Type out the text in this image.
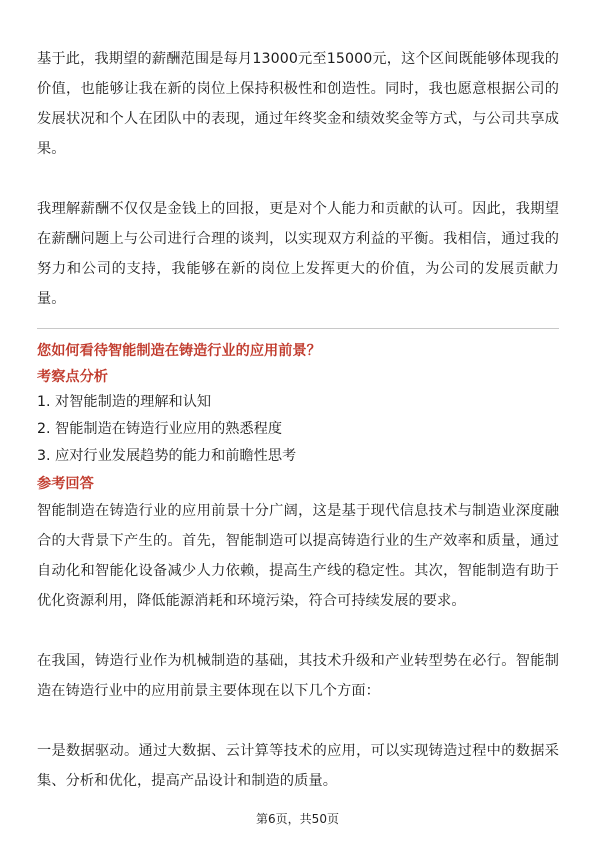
基于此，我期望的薪酬范围是每月13000元至15000元，这个区间既能够体现我的价值，也能够让我在新的岗位上保持积极性和创造性。同时，我也愿意根据公司的发展状况和个人在团队中的表现，通过年终奖金和绩效奖金等方式，与公司共享成果。

我理解薪酬不仅仅是金钱上的回报，更是对个人能力和贡献的认可。因此，我期望在薪酬问题上与公司进行合理的谈判，以实现双方利益的平衡。我相信，通过我的努力和公司的支持，我能够在新的岗位上发挥更大的价值，为公司的发展贡献力量。

您如何看待智能制造在铸造行业的应用前景？

考察点分析

1. 对智能制造的理解和认知
2. 智能制造在铸造行业应用的熟悉程度
3. 应对行业发展趋势的能力和前瞻性思考

参考回答

智能制造在铸造行业的应用前景十分广阔，这是基于现代信息技术与制造业深度融合的大背景下产生的。首先，智能制造可以提高铸造行业的生产效率和质量，通过自动化和智能化设备减少人力依赖，提高生产线的稳定性。其次，智能制造有助于优化资源利用，降低能源消耗和环境污染，符合可持续发展的要求。

在我国，铸造行业作为机械制造的基础，其技术升级和产业转型势在必行。智能制造在铸造行业中的应用前景主要体现在以下几个方面：

一是数据驱动。通过大数据、云计算等技术的应用，可以实现铸造过程中的数据采集、分析和优化，提高产品设计和制造的质量。

第6页，共50页
